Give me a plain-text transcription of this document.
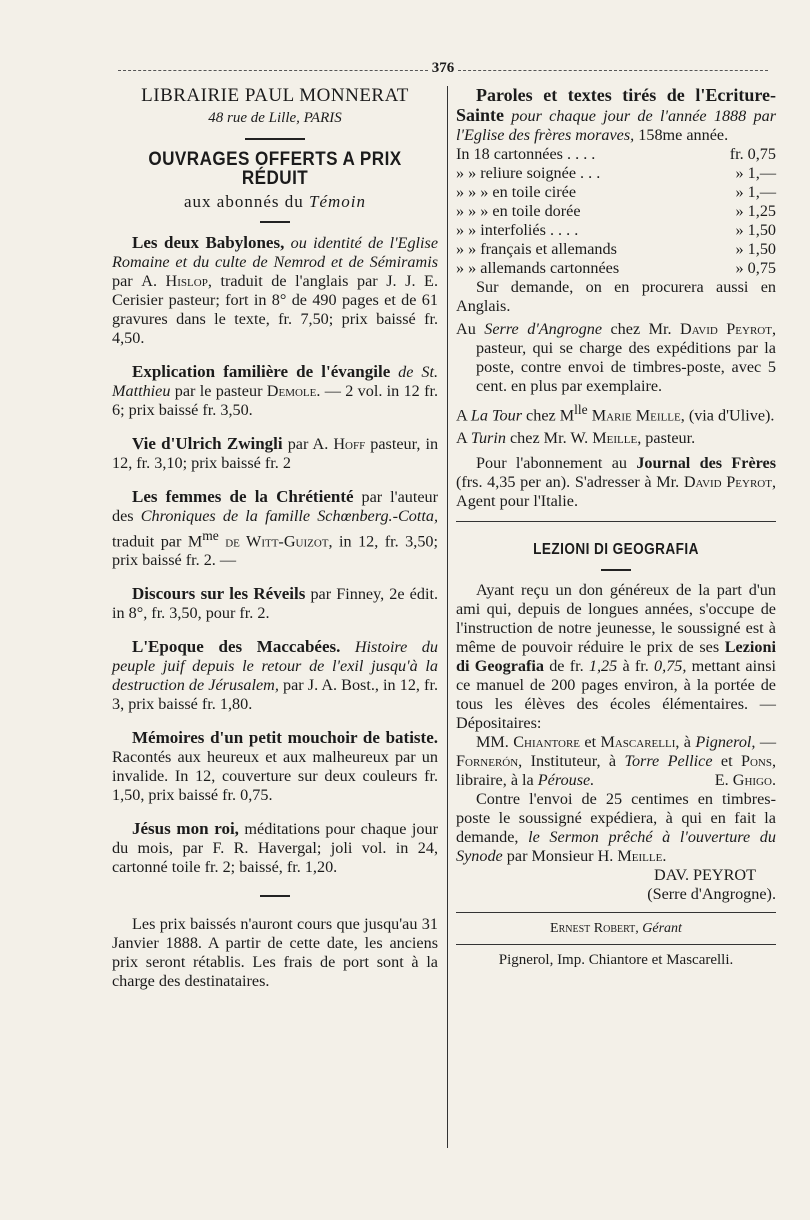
376
LIBRAIRIE PAUL MONNERAT
48 rue de Lille, PARIS
OUVRAGES OFFERTS A PRIX RÉDUIT
aux abonnés du Témoin

Les deux Babylones, ou identité de l'Eglise Romaine et du culte de Nemrod et de Sémiramis par A. Hislop, traduit de l'anglais par J. J. E. Cerisier pasteur; fort in 8° de 490 pages et de 61 gravures dans le texte, fr. 7,50; prix baissé fr. 4,50.

Explication familière de l'évangile de St. Matthieu par le pasteur Demole. — 2 vol. in 12 fr. 6; prix baissé fr. 3,50.

Vie d'Ulrich Zwingli par A. Hoff pasteur, in 12, fr. 3,10; prix baissé fr. 2

Les femmes de la Chrétienté par l'auteur des Chroniques de la famille Schœnberg.-Cotta, traduit par $M^{me}$ de Witt-Guizot, in 12, fr. 3,50; prix baissé fr. 2. —

Discours sur les Réveils par Finney, 2e édit. in 8°, fr. 3,50, pour fr. 2.

L'Epoque des Maccabées. Histoire du peuple juif depuis le retour de l'exil jusqu'à la destruction de Jérusalem, par J. A. Bost., in 12, fr. 3, prix baissé fr. 1,80.

Mémoires d'un petit mouchoir de batiste. Racontés aux heureux et aux malheureux par un invalide. In 12, couverture sur deux couleurs fr. 1,50, prix baissé fr. 0,75.

Jésus mon roi, méditations pour chaque jour du mois, par F. R. Havergal; joli vol. in 24, cartonné toile fr. 2; baissé, fr. 1,20.

Les prix baissés n'auront cours que jusqu'au 31 Janvier 1888. A partir de cette date, les anciens prix seront rétablis. Les frais de port sont à la charge des destinataires.

Paroles et textes tirés de l'Ecriture-Sainte pour chaque jour de l'année 1888 par l'Eglise des frères moraves, 158me année.

In 18 cartonnées . . . .	fr. 0,75
» » reliure soignée . . .	» 1,—
» » » en toile cirée	» 1,—
» » » en toile dorée	» 1,25
» » interfoliés . . . .	» 1,50
» » français et allemands	» 1,50
» » allemands cartonnées	» 0,75

Sur demande, on en procurera aussi en Anglais.

Au Serre d'Angrogne chez Mr. David Peyrot, pasteur, qui se charge des expéditions par la poste, contre envoi de timbres-poste, avec 5 cent. en plus par exemplaire.

A La Tour chez $M^{lle}$ Marie Meille, (via d'Ulive).

A Turin chez Mr. W. Meille, pasteur.

Pour l'abonnement au Journal des Frères (frs. 4,35 per an). S'adresser à Mr. David Peyrot, Agent pour l'Italie.

LEZIONI DI GEOGRAFIA

Ayant reçu un don généreux de la part d'un ami qui, depuis de longues années, s'occupe de l'instruction de notre jeunesse, le soussigné est à même de pouvoir réduire le prix de ses Lezioni di Geografia de fr. 1,25 à fr. 0,75, mettant ainsi ce manuel de 200 pages environ, à la portée de tous les élèves des écoles élémentaires. — Dépositaires:

MM. Chiantore et Mascarelli, à Pignerol, — Fornerón, Instituteur, à Torre Pellice et Pons, libraire, à la Pérouse.	E. Ghigo.

Contre l'envoi de 25 centimes en timbres-poste le soussigné expédiera, à qui en fait la demande, le Sermon prêché à l'ouverture du Synode par Monsieur H. Meille.

DAV. PEYROT
(Serre d'Angrogne).
Ernest Robert, Gérant
Pignerol, Imp. Chiantore et Mascarelli.
